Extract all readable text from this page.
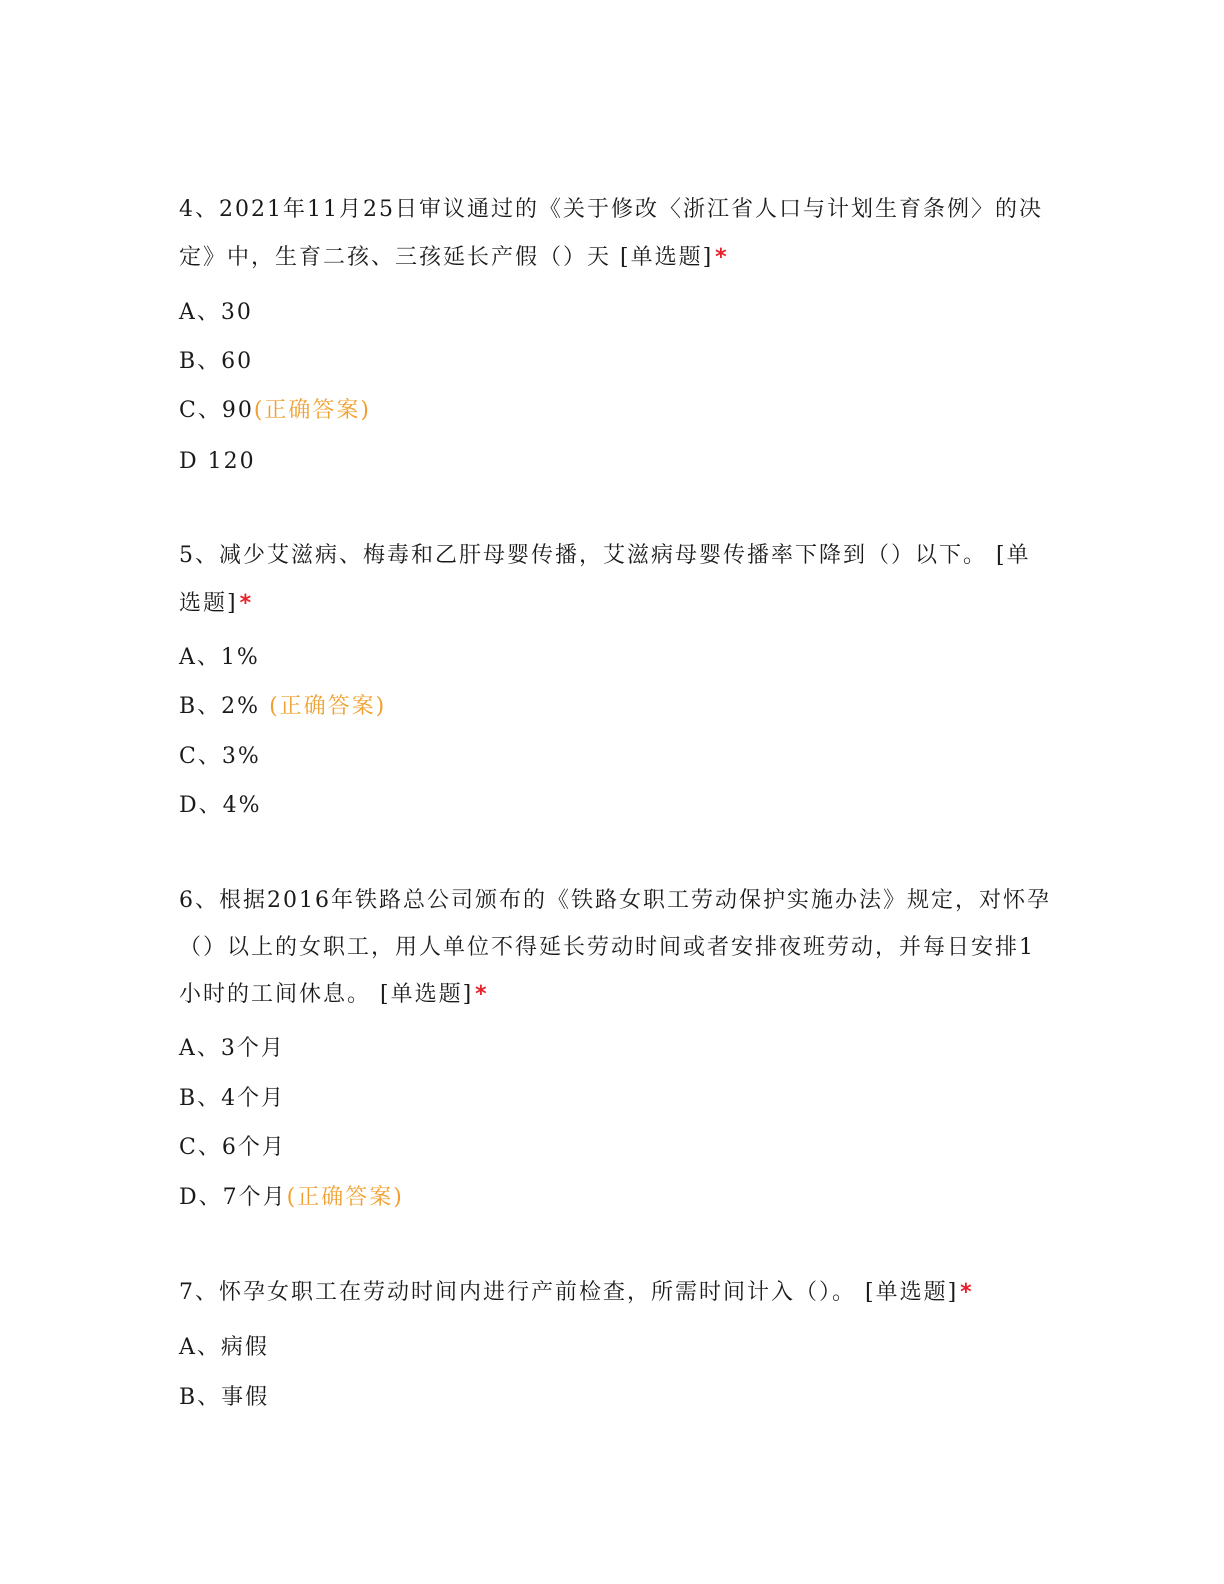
4、2021年11月25日审议通过的《关于修改〈浙江省人口与计划生育条例〉的决
定》中，生育二孩、三孩延长产假（）天 [单选题]*
A、30
B、60
C、90(正确答案)
D 120
5、减少艾滋病、梅毒和乙肝母婴传播，艾滋病母婴传播率下降到（）以下。 [单
选题]*
A、1%
B、2% (正确答案)
C、3%
D、4%
6、根据2016年铁路总公司颁布的《铁路女职工劳动保护实施办法》规定，对怀孕
（）以上的女职工，用人单位不得延长劳动时间或者安排夜班劳动，并每日安排1
小时的工间休息。 [单选题]*
A、3个月
B、4个月
C、6个月
D、7个月(正确答案)
7、怀孕女职工在劳动时间内进行产前检查，所需时间计入（）。 [单选题]*
A、病假
B、事假
